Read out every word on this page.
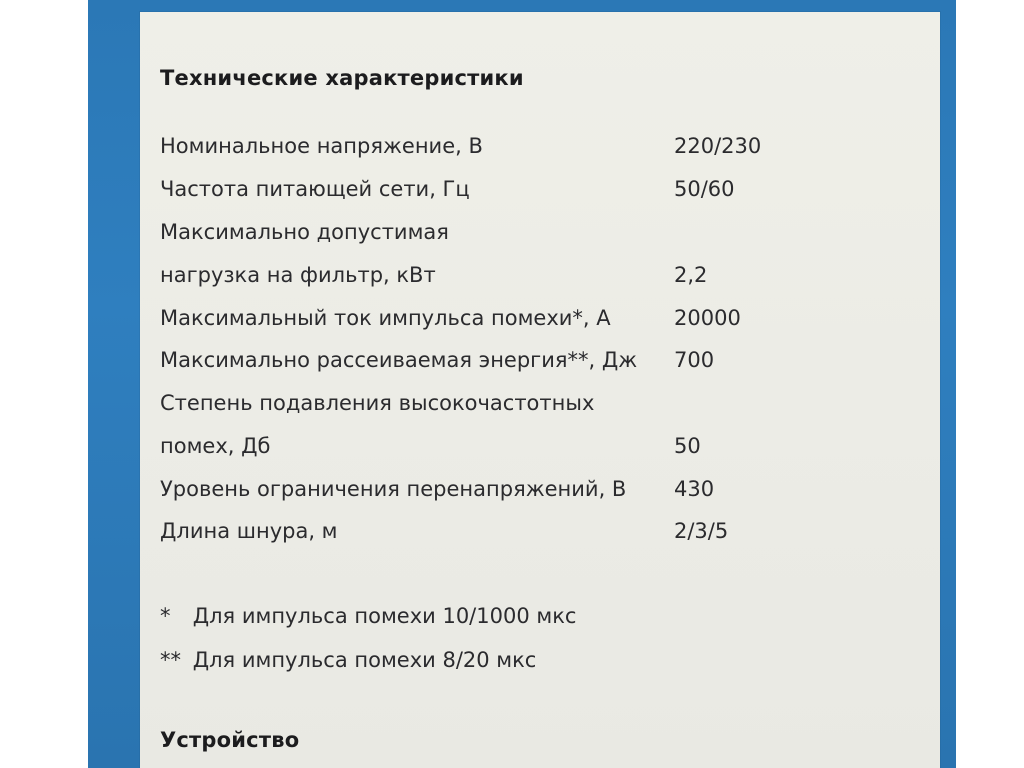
Технические характеристики
Номинальное напряжение, В	220/230
Частота питающей сети, Гц	50/60
Максимально допустимая
нагрузка на фильтр, кВт	2,2
Максимальный ток импульса помехи*, А	20000
Максимально рассеиваемая энергия**, Дж 700
Степень подавления высокочастотных
помех, Дб	50
Уровень ограничения перенапряжений, В 430
Длина шнура, м	2/3/5
* Для импульса помехи 10/1000 мкс
** Для импульса помехи 8/20 мкс
Устройство
